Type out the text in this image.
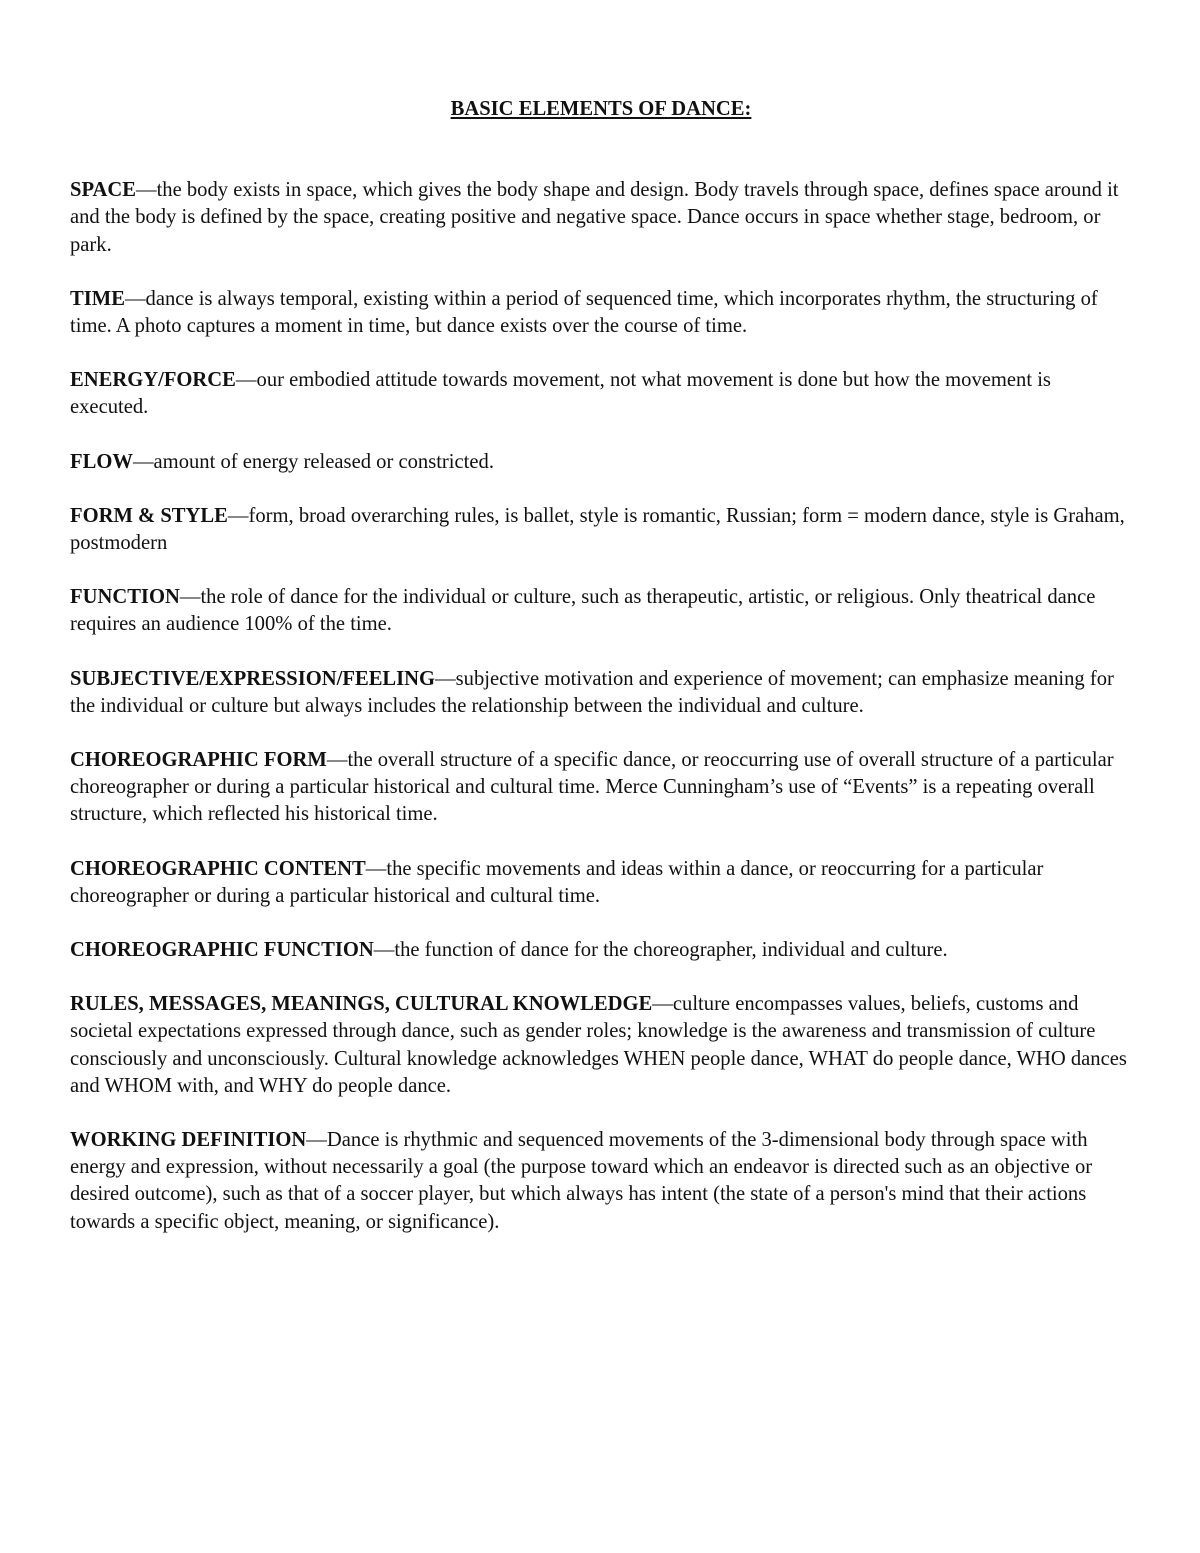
BASIC ELEMENTS OF DANCE:

SPACE—the body exists in space, which gives the body shape and design. Body travels through space, defines space around it and the body is defined by the space, creating positive and negative space. Dance occurs in space whether stage, bedroom, or park.

TIME—dance is always temporal, existing within a period of sequenced time, which incorporates rhythm, the structuring of time. A photo captures a moment in time, but dance exists over the course of time.

ENERGY/FORCE—our embodied attitude towards movement, not what movement is done but how the movement is executed.

FLOW—amount of energy released or constricted.

FORM & STYLE—form, broad overarching rules, is ballet, style is romantic, Russian; form = modern dance, style is Graham, postmodern

FUNCTION—the role of dance for the individual or culture, such as therapeutic, artistic, or religious. Only theatrical dance requires an audience 100% of the time.

SUBJECTIVE/EXPRESSION/FEELING—subjective motivation and experience of movement; can emphasize meaning for the individual or culture but always includes the relationship between the individual and culture.

CHOREOGRAPHIC FORM—the overall structure of a specific dance, or reoccurring use of overall structure of a particular choreographer or during a particular historical and cultural time. Merce Cunningham’s use of “Events” is a repeating overall structure, which reflected his historical time.

CHOREOGRAPHIC CONTENT—the specific movements and ideas within a dance, or reoccurring for a particular choreographer or during a particular historical and cultural time.

CHOREOGRAPHIC FUNCTION—the function of dance for the choreographer, individual and culture.

RULES, MESSAGES, MEANINGS, CULTURAL KNOWLEDGE—culture encompasses values, beliefs, customs and societal expectations expressed through dance, such as gender roles; knowledge is the awareness and transmission of culture consciously and unconsciously. Cultural knowledge acknowledges WHEN people dance, WHAT do people dance, WHO dances and WHOM with, and WHY do people dance.

WORKING DEFINITION—Dance is rhythmic and sequenced movements of the 3-dimensional body through space with energy and expression, without necessarily a goal (the purpose toward which an endeavor is directed such as an objective or desired outcome), such as that of a soccer player, but which always has intent (the state of a person's mind that their actions towards a specific object, meaning, or significance).
